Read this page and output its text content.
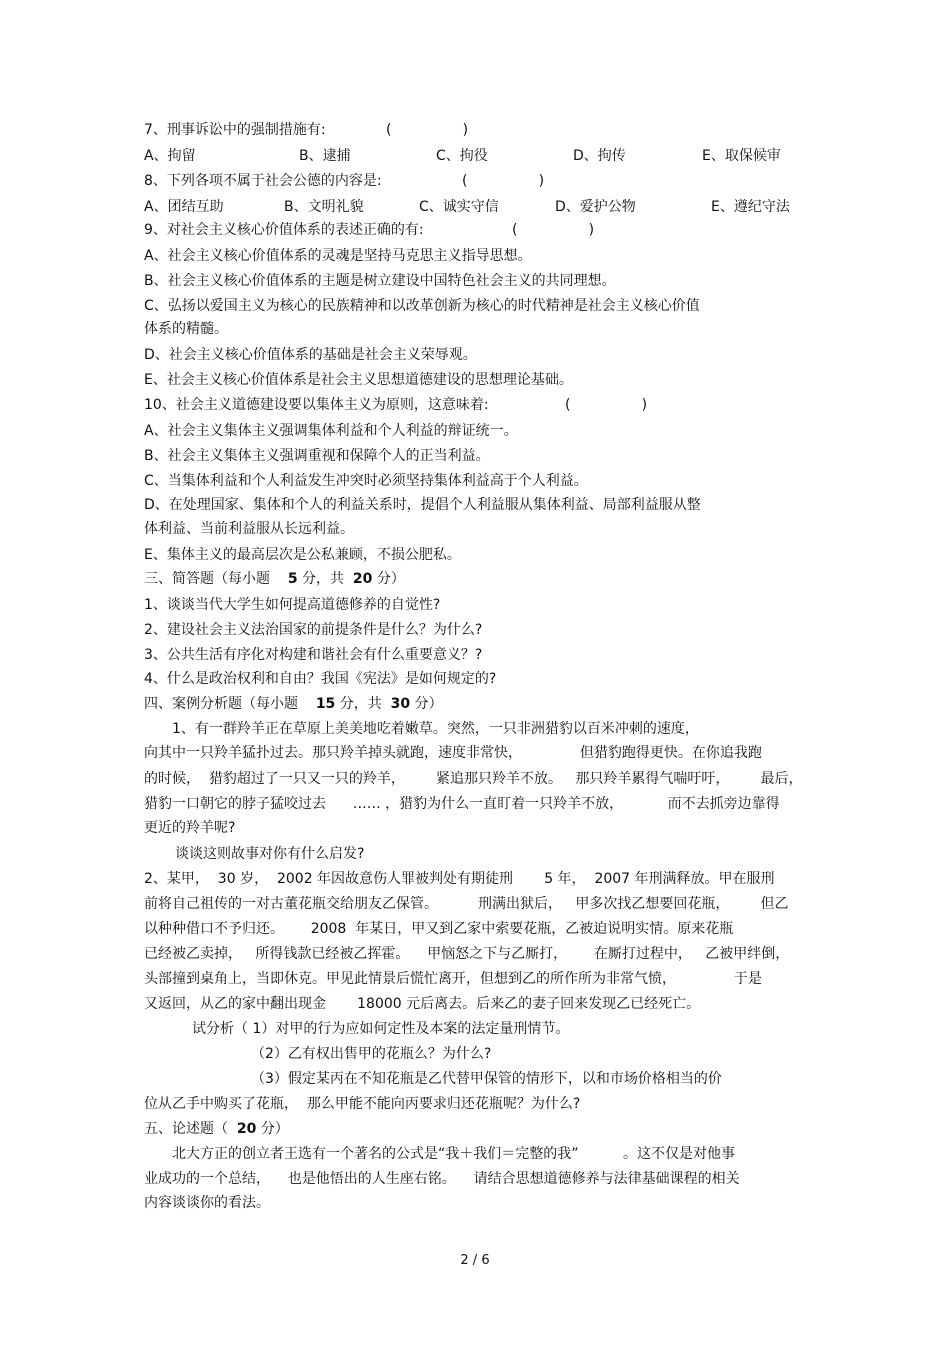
7、刑事诉讼中的强制措施有:	(                )
A、拘留	B、逮捕	C、拘役	D、拘传	E、取保候审
8、下列各项不属于社会公德的内容是:	(                )
A、团结互助	B、文明礼貌	C、诚实守信	D、爱护公物	E、遵纪守法
9、对社会主义核心价值体系的表述正确的有:	(                )
A、社会主义核心价值体系的灵魂是坚持马克思主义指导思想。
B、社会主义核心价值体系的主题是树立建设中国特色社会主义的共同理想。
C、弘扬以爱国主义为核心的民族精神和以改革创新为核心的时代精神是社会主义核心价值
体系的精髓。
D、社会主义核心价值体系的基础是社会主义荣辱观。
E、社会主义核心价值体系是社会主义思想道德建设的思想理论基础。
10、社会主义道德建设要以集体主义为原则，这意味着:	(                )
A、社会主义集体主义强调集体利益和个人利益的辩证统一。
B、社会主义集体主义强调重视和保障个人的正当利益。
C、当集体利益和个人利益发生冲突时必须坚持集体利益高于个人利益。
D、在处理国家、集体和个人的利益关系时，提倡个人利益服从集体利益、局部利益服从整
体利益、当前利益服从长远利益。
E、集体主义的最高层次是公私兼顾，不损公肥私。
三、简答题（每小题 5 分，共 20 分）
1、谈谈当代大学生如何提高道德修养的自觉性?
2、建设社会主义法治国家的前提条件是什么？为什么?
3、公共生活有序化对构建和谐社会有什么重要意义？?
4、什么是政治权利和自由？我国《宪法》是如何规定的?
四、案例分析题（每小题 15 分，共 30 分）
1、有一群羚羊正在草原上美美地吃着嫩草。突然，一只非洲猎豹以百米冲刺的速度，
向其中一只羚羊猛扑过去。那只羚羊掉头就跑，速度非常快，             但猎豹跑得更快。在你追我跑
的时候，  猎豹超过了一只又一只的羚羊，       紧追那只羚羊不放。   那只羚羊累得气喘吁吁，       最后，
猎豹一口朝它的脖子猛咬过去      …… ，猎豹为什么一直盯着一只羚羊不放，          而不去抓旁边靠得
更近的羚羊呢?
谈谈这则故事对你有什么启发?
2、某甲，  30 岁，  2002 年因故意伤人罪被判处有期徒刑       5 年，  2007 年刑满释放。甲在服刑
前将自己祖传的一对古董花瓶交给朋友乙保管。         刑满出狱后，   甲多次找乙想要回花瓶，       但乙
以种种借口不予归还。      2008  年某日，甲又到乙家中索要花瓶，乙被迫说明实情。原来花瓶
已经被乙卖掉，   所得钱款已经被乙挥霍。    甲恼怒之下与乙厮打，      在厮打过程中，   乙被甲绊倒，
头部撞到桌角上，当即休克。甲见此情景后慌忙离开，但想到乙的所作所为非常气愤，             于是
又返回，从乙的家中翻出现金       18000 元后离去。后来乙的妻子回来发现乙已经死亡。
试分析（ 1）对甲的行为应如何定性及本案的法定量刑情节。
（2）乙有权出售甲的花瓶么？为什么?
（3）假定某丙在不知花瓶是乙代替甲保管的情形下，以和市场价格相当的价
位从乙手中购买了花瓶，  那么甲能不能向丙要求归还花瓶呢？为什么?
五、论述题（ 20 分）
北大方正的创立者王选有一个著名的公式是“我＋我们＝完整的我”          。这不仅是对他事
业成功的一个总结，    也是他悟出的人生座右铭。    请结合思想道德修养与法律基础课程的相关
内容谈谈你的看法。
2 / 6
